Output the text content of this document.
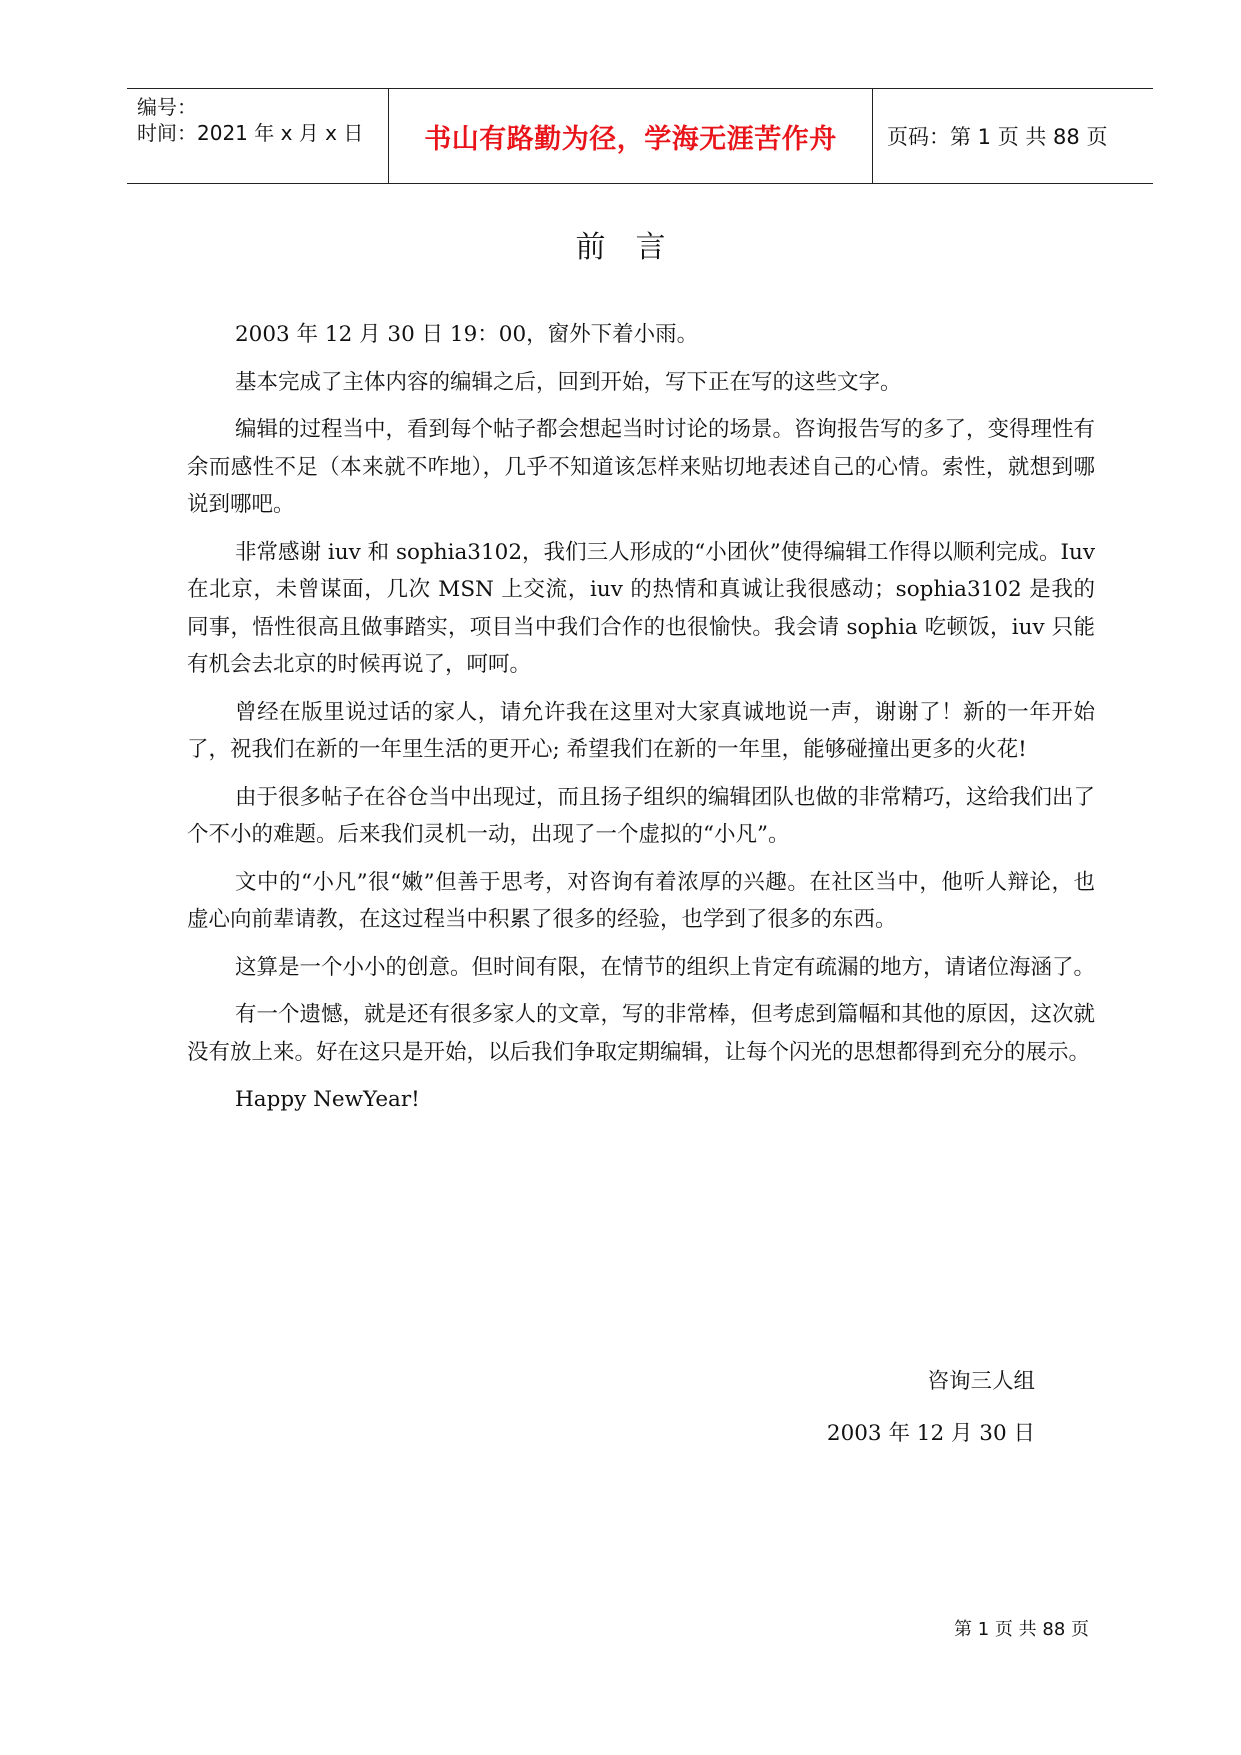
编号：
时间：2021 年 x 月 x 日 书山有路勤为径，学海无涯苦作舟 页码：第 1 页 共 88 页
前言

2003 年 12 月 30 日 19：00，窗外下着小雨。

基本完成了主体内容的编辑之后，回到开始，写下正在写的这些文字。

编辑的过程当中，看到每个帖子都会想起当时讨论的场景。咨询报告写的多了，变得理性有余而感性不足（本来就不咋地），几乎不知道该怎样来贴切地表述自己的心情。索性，就想到哪说到哪吧。

非常感谢 iuv 和 sophia3102，我们三人形成的“小团伙”使得编辑工作得以顺利完成。Iuv 在北京，未曾谋面，几次 MSN 上交流，iuv 的热情和真诚让我很感动；sophia3102 是我的同事，悟性很高且做事踏实，项目当中我们合作的也很愉快。我会请 sophia 吃顿饭，iuv 只能有机会去北京的时候再说了，呵呵。

曾经在版里说过话的家人，请允许我在这里对大家真诚地说一声，谢谢了！新的一年开始了，祝我们在新的一年里生活的更开心; 希望我们在新的一年里，能够碰撞出更多的火花!

由于很多帖子在谷仓当中出现过，而且扬子组织的编辑团队也做的非常精巧，这给我们出了个不小的难题。后来我们灵机一动，出现了一个虚拟的“小凡”。

文中的“小凡”很“嫩”但善于思考，对咨询有着浓厚的兴趣。在社区当中，他听人辩论，也虚心向前辈请教，在这过程当中积累了很多的经验，也学到了很多的东西。

这算是一个小小的创意。但时间有限，在情节的组织上肯定有疏漏的地方，请诸位海涵了。

有一个遗憾，就是还有很多家人的文章，写的非常棒，但考虑到篇幅和其他的原因，这次就没有放上来。好在这只是开始，以后我们争取定期编辑，让每个闪光的思想都得到充分的展示。

Happy NewYear!

咨询三人组
2003 年 12 月 30 日
第 1 页 共 88 页
